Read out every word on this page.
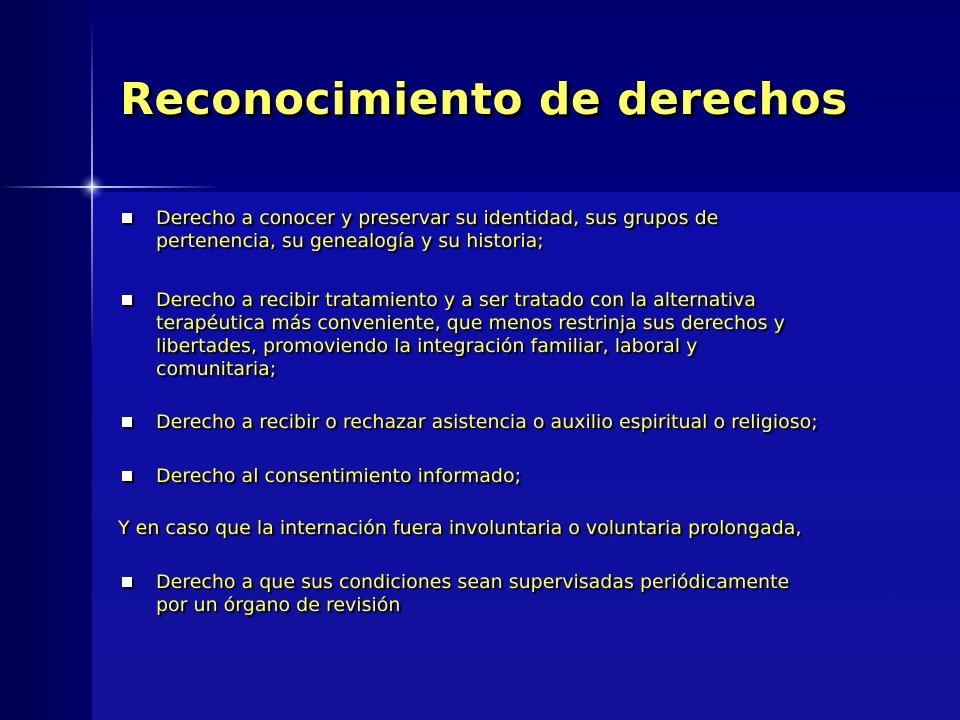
Reconocimiento de derechos
Derecho a conocer y preservar su identidad, sus grupos de
pertenencia, su genealogía y su historia;
Derecho a recibir tratamiento y a ser tratado con la alternativa
terapéutica más conveniente, que menos restrinja sus derechos y
libertades, promoviendo la integración familiar, laboral y
comunitaria;
Derecho a recibir o rechazar asistencia o auxilio espiritual o religioso;
Derecho al consentimiento informado;

Y en caso que la internación fuera involuntaria o voluntaria prolongada,

Derecho a que sus condiciones sean supervisadas periódicamente
por un órgano de revisión
